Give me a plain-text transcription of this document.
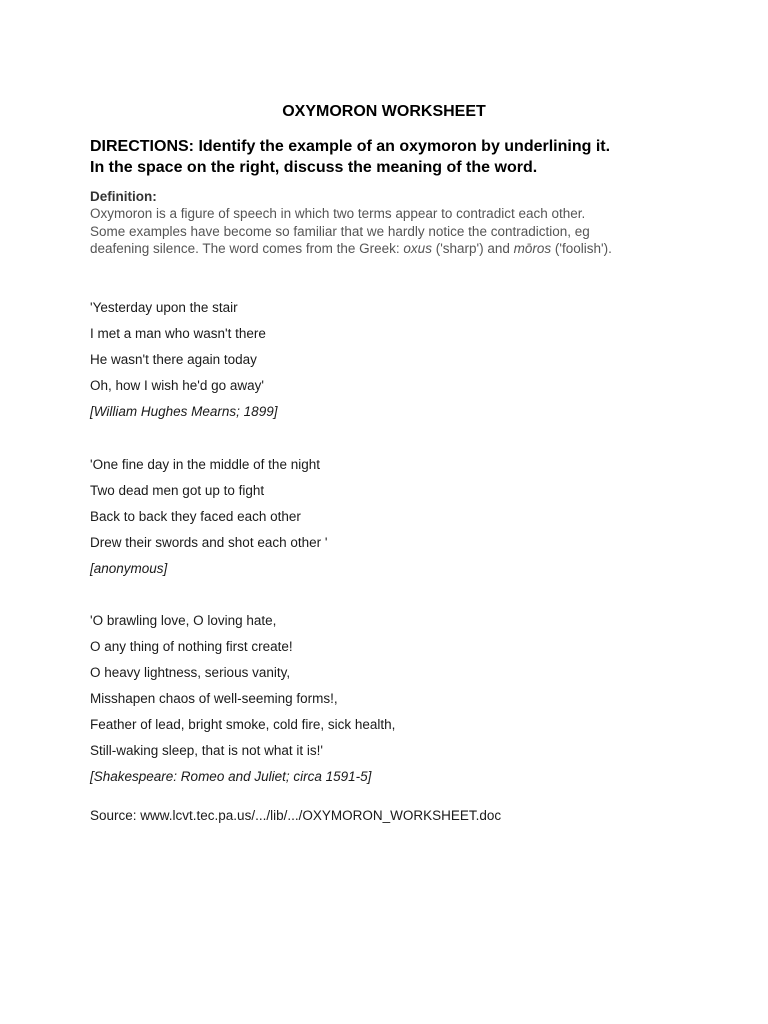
OXYMORON WORKSHEET
DIRECTIONS: Identify the example of an oxymoron by underlining it.
In the space on the right, discuss the meaning of the word.
Definition:
Oxymoron is a figure of speech in which two terms appear to contradict each other.
Some examples have become so familiar that we hardly notice the contradiction, eg
deafening silence. The word comes from the Greek: oxus ('sharp') and mōros ('foolish').
'Yesterday upon the stair
I met a man who wasn't there
He wasn't there again today
Oh, how I wish he'd go away'
[William Hughes Mearns; 1899]
'One fine day in the middle of the night
Two dead men got up to fight
Back to back they faced each other
Drew their swords and shot each other '
[anonymous]
'O brawling love, O loving hate,
O any thing of nothing first create!
O heavy lightness, serious vanity,
Misshapen chaos of well-seeming forms!,
Feather of lead, bright smoke, cold fire, sick health,
Still-waking sleep, that is not what it is!'
[Shakespeare: Romeo and Juliet; circa 1591-5]
Source: www.lcvt.tec.pa.us/.../lib/.../OXYMORON_WORKSHEET.doc
